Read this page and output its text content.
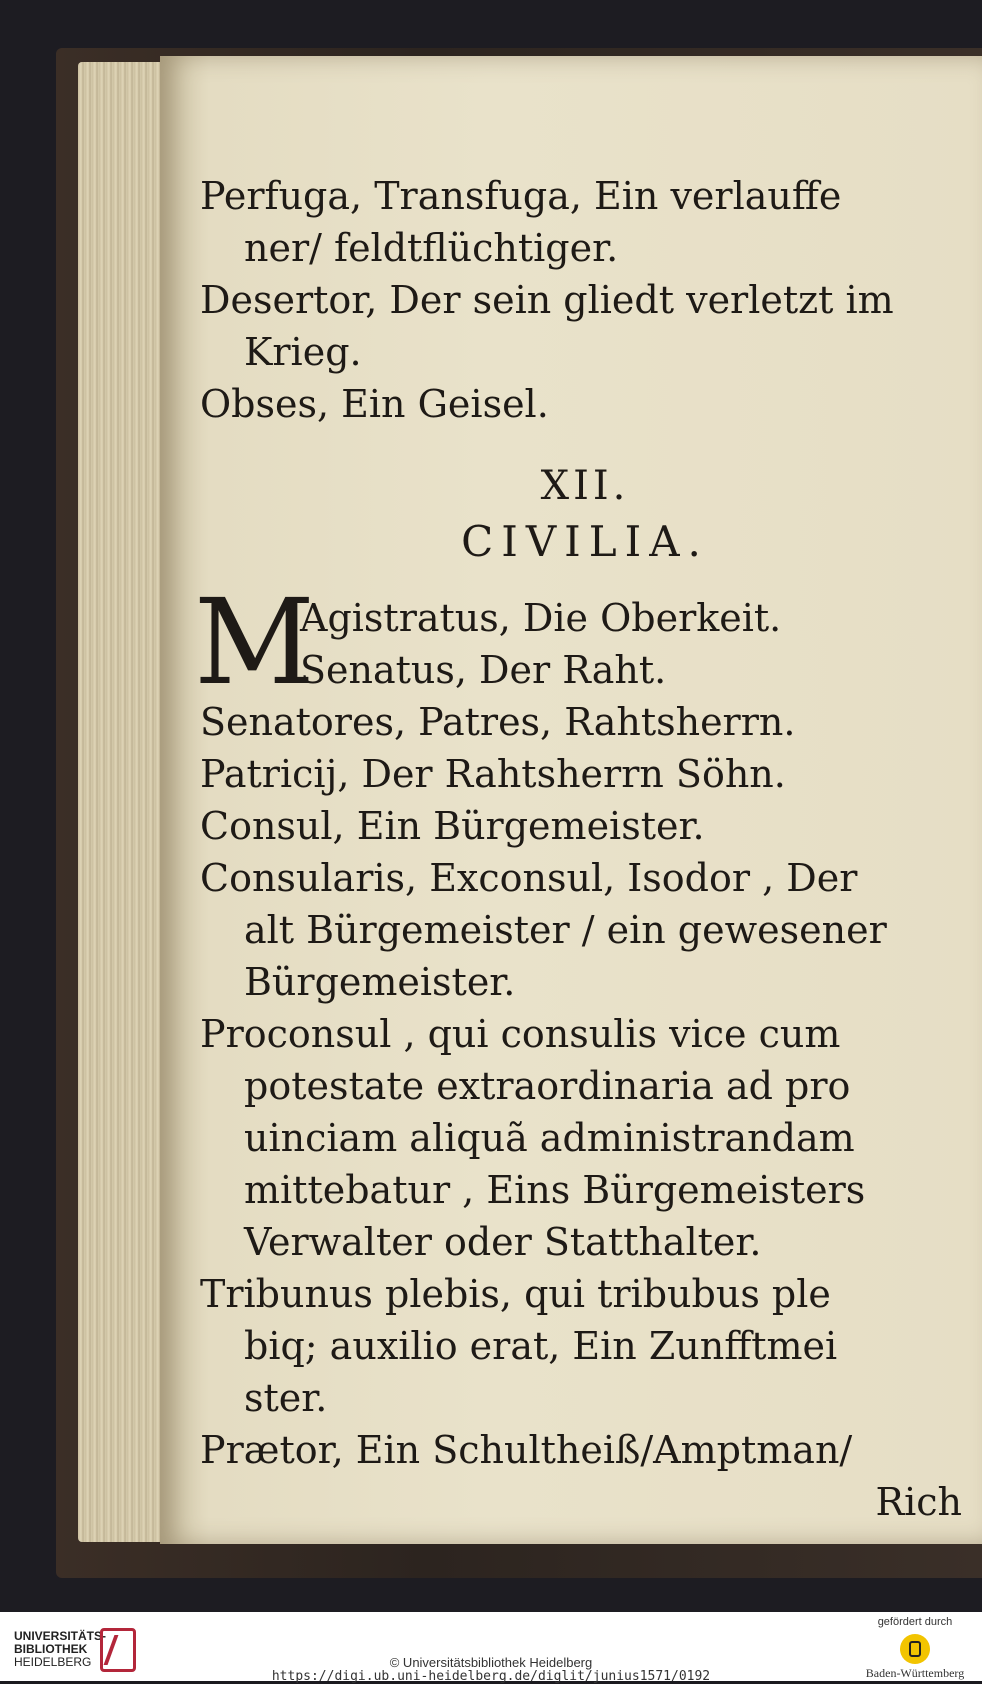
Perfuga, Transfuga, Ein verlauffe
ner/ feldtflüchtiger.

Desertor, Der sein gliedt verletzt im
Krieg.

Obses, Ein Geisel.

XII.

CIVILIA.

M
Agistratus, Die Oberkeit.
Senatus, Der Raht.

Senatores, Patres, Rahtsherrn.

Patricij, Der Rahtsherrn Söhn.

Consul, Ein Bürgemeister.

Consularis, Exconsul, Isodor , Der
alt Bürgemeister / ein gewesener
Bürgemeister.

Proconsul , qui consulis vice cum
potestate extraordinaria ad pro
uinciam aliquã administrandam
mittebatur , Eins Bürgemeisters
Verwalter oder Statthalter.

Tribunus plebis, qui tribubus ple
biq; auxilio erat, Ein Zunfftmei
ster.

Prætor, Ein Schultheiß/Amptman/

Rich

UNIVERSITÄTS-
BIBLIOTHEK
HEIDELBERG	© Universitätsbibliothek Heidelberg
https://digi.ub.uni-heidelberg.de/diglit/junius1571/0192
gefördert durch
Baden-Württemberg
